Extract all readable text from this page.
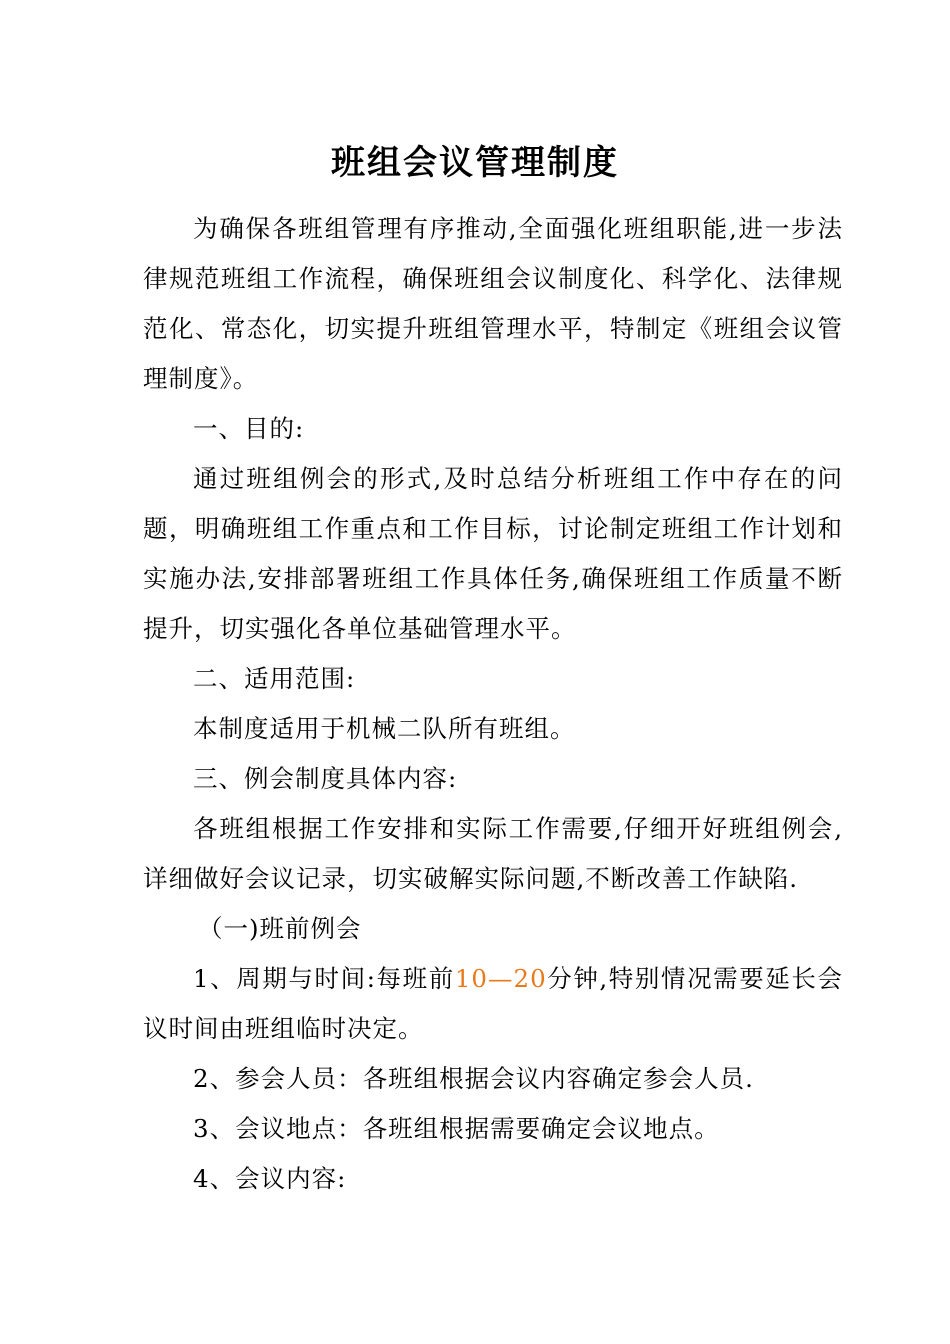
班组会议管理制度

为确保各班组管理有序推动,全面强化班组职能,进一步法律规范班组工作流程，确保班组会议制度化、科学化、法律规范化、常态化，切实提升班组管理水平，特制定《班组会议管理制度》。

一、目的:

通过班组例会的形式,及时总结分析班组工作中存在的问题，明确班组工作重点和工作目标，讨论制定班组工作计划和实施办法,安排部署班组工作具体任务,确保班组工作质量不断提升，切实强化各单位基础管理水平。

二、适用范围:

本制度适用于机械二队所有班组。

三、例会制度具体内容:

各班组根据工作安排和实际工作需要,仔细开好班组例会,详细做好会议记录，切实破解实际问题,不断改善工作缺陷.

（一)班前例会

1、周期与时间:每班前10—20分钟,特别情况需要延长会议时间由班组临时决定。

2、参会人员：各班组根据会议内容确定参会人员.

3、会议地点：各班组根据需要确定会议地点。

4、会议内容:
